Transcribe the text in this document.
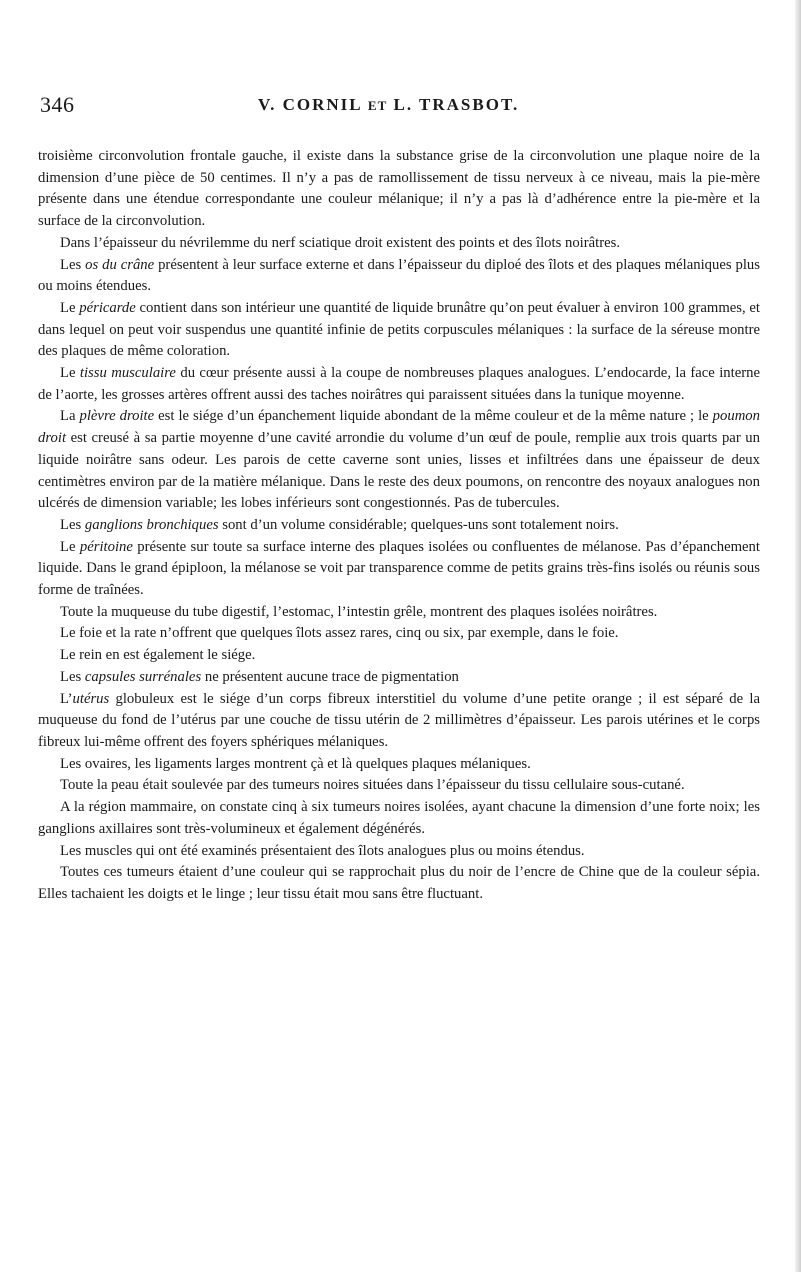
346	V. CORNIL ET L. TRASBOT.

troisième circonvolution frontale gauche, il existe dans la substance grise de la circonvolution une plaque noire de la dimension d’une pièce de 50 centimes. Il n’y a pas de ramollissement de tissu nerveux à ce niveau, mais la pie-mère présente dans une étendue correspondante une couleur mélanique; il n’y a pas là d’adhérence entre la pie-mère et la surface de la circonvolution.

Dans l’épaisseur du névrilemme du nerf sciatique droit existent des points et des îlots noirâtres.

Les os du crâne présentent à leur surface externe et dans l’épaisseur du diploé des îlots et des plaques mélaniques plus ou moins étendues.

Le péricarde contient dans son intérieur une quantité de liquide brunâtre qu’on peut évaluer à environ 100 grammes, et dans lequel on peut voir suspendus une quantité infinie de petits corpuscules mélaniques : la surface de la séreuse montre des plaques de même coloration.

Le tissu musculaire du cœur présente aussi à la coupe de nombreuses plaques analogues. L’endocarde, la face interne de l’aorte, les grosses artères offrent aussi des taches noirâtres qui paraissent situées dans la tunique moyenne.

La plèvre droite est le siége d’un épanchement liquide abondant de la même couleur et de la même nature ; le poumon droit est creusé à sa partie moyenne d’une cavité arrondie du volume d’un œuf de poule, remplie aux trois quarts par un liquide noirâtre sans odeur. Les parois de cette caverne sont unies, lisses et infiltrées dans une épaisseur de deux centimètres environ par de la matière mélanique. Dans le reste des deux poumons, on rencontre des noyaux analogues non ulcérés de dimension variable; les lobes inférieurs sont congestionnés. Pas de tubercules.

Les ganglions bronchiques sont d’un volume considérable; quelques-uns sont totalement noirs.

Le péritoine présente sur toute sa surface interne des plaques isolées ou confluentes de mélanose. Pas d’épanchement liquide. Dans le grand épiploon, la mélanose se voit par transparence comme de petits grains très-fins isolés ou réunis sous forme de traînées.

Toute la muqueuse du tube digestif, l’estomac, l’intestin grêle, montrent des plaques isolées noirâtres.

Le foie et la rate n’offrent que quelques îlots assez rares, cinq ou six, par exemple, dans le foie.

Le rein en est également le siége.

Les capsules surrénales ne présentent aucune trace de pigmentation

L’utérus globuleux est le siége d’un corps fibreux interstitiel du volume d’une petite orange ; il est séparé de la muqueuse du fond de l’utérus par une couche de tissu utérin de 2 millimètres d’épaisseur. Les parois utérines et le corps fibreux lui-même offrent des foyers sphériques mélaniques.

Les ovaires, les ligaments larges montrent çà et là quelques plaques mélaniques.

Toute la peau était soulevée par des tumeurs noires situées dans l’épaisseur du tissu cellulaire sous-cutané.

A la région mammaire, on constate cinq à six tumeurs noires isolées, ayant chacune la dimension d’une forte noix; les ganglions axillaires sont très-volumineux et également dégénérés.

Les muscles qui ont été examinés présentaient des îlots analogues plus ou moins étendus.

Toutes ces tumeurs étaient d’une couleur qui se rapprochait plus du noir de l’encre de Chine que de la couleur sépia. Elles tachaient les doigts et le linge ; leur tissu était mou sans être fluctuant.
